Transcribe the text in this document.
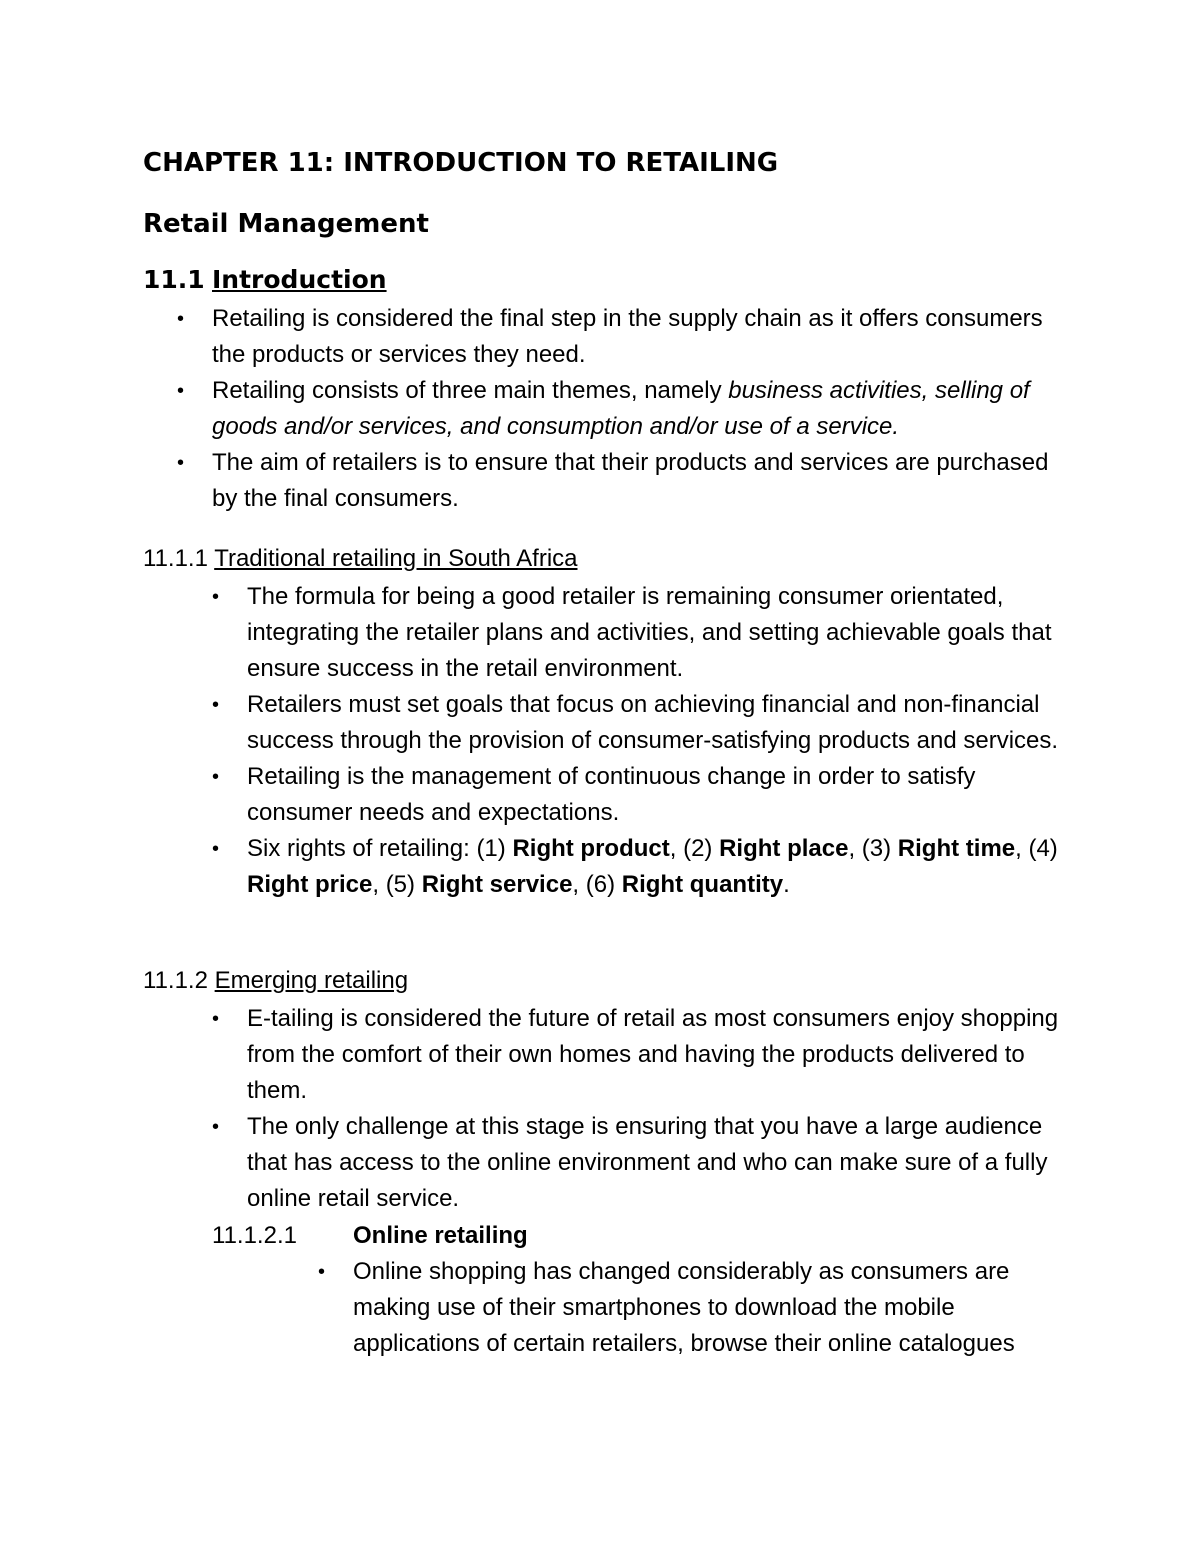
CHAPTER 11: INTRODUCTION TO RETAILING
Retail Management
11.1 Introduction
•	Retailing is considered the final step in the supply chain as it offers consumers the products or services they need.
•	Retailing consists of three main themes, namely business activities, selling of goods and/or services, and consumption and/or use of a service.
•	The aim of retailers is to ensure that their products and services are purchased by the final consumers.
11.1.1 Traditional retailing in South Africa
•	The formula for being a good retailer is remaining consumer orientated, integrating the retailer plans and activities, and setting achievable goals that ensure success in the retail environment.
•	Retailers must set goals that focus on achieving financial and non-financial success through the provision of consumer-satisfying products and services.
•	Retailing is the management of continuous change in order to satisfy consumer needs and expectations.
•	Six rights of retailing: (1) Right product, (2) Right place, (3) Right time, (4) Right price, (5) Right service, (6) Right quantity.
11.1.2 Emerging retailing
•	E-tailing is considered the future of retail as most consumers enjoy shopping from the comfort of their own homes and having the products delivered to them.
•	The only challenge at this stage is ensuring that you have a large audience that has access to the online environment and who can make sure of a fully online retail service.
11.1.2.1 Online retailing
•	Online shopping has changed considerably as consumers are making use of their smartphones to download the mobile applications of certain retailers, browse their online catalogues
